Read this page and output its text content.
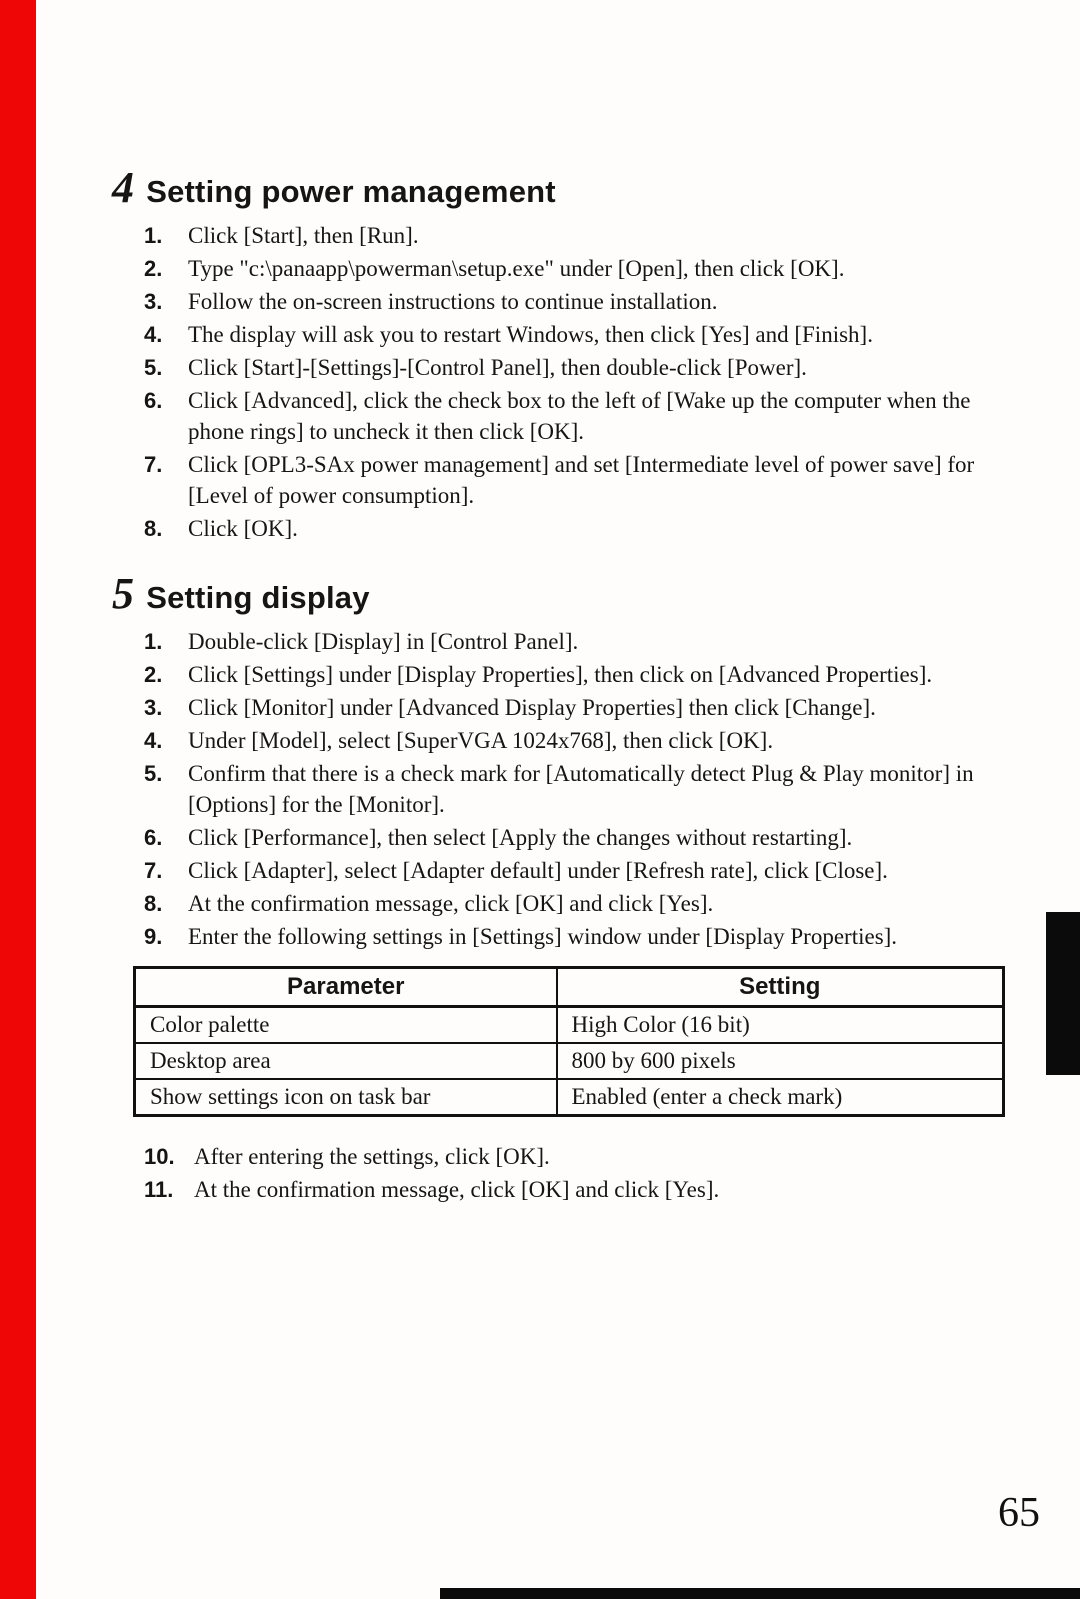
4 Setting power management
1.	Click [Start], then [Run].
2.	Type "c:\panaapp\powerman\setup.exe" under [Open], then click [OK].
3.	Follow the on-screen instructions to continue installation.
4.	The display will ask you to restart Windows, then click [Yes] and [Finish].
5.	Click [Start]-[Settings]-[Control Panel], then double-click [Power].
6.	Click [Advanced], click the check box to the left of [Wake up the computer when the phone rings] to uncheck it then click [OK].
7.	Click [OPL3-SAx power management] and set [Intermediate level of power save] for [Level of power consumption].
8.	Click [OK].
5 Setting display
1.	Double-click [Display] in [Control Panel].
2.	Click [Settings] under [Display Properties], then click on [Advanced Properties].
3.	Click [Monitor] under [Advanced Display Properties] then click [Change].
4.	Under [Model], select [SuperVGA 1024x768], then click [OK].
5.	Confirm that there is a check mark for [Automatically detect Plug & Play monitor] in [Options] for the [Monitor].
6.	Click [Performance], then select [Apply the changes without restarting].
7.	Click [Adapter], select [Adapter default] under [Refresh rate], click [Close].
8.	At the confirmation message, click [OK] and click [Yes].
9.	Enter the following settings in [Settings] window under [Display Properties].
Parameter	Setting
Color palette	High Color (16 bit)
Desktop area	800 by 600 pixels
Show settings icon on task bar	Enabled (enter a check mark)
10. After entering the settings, click [OK].
11. At the confirmation message, click [OK] and click [Yes].
65
